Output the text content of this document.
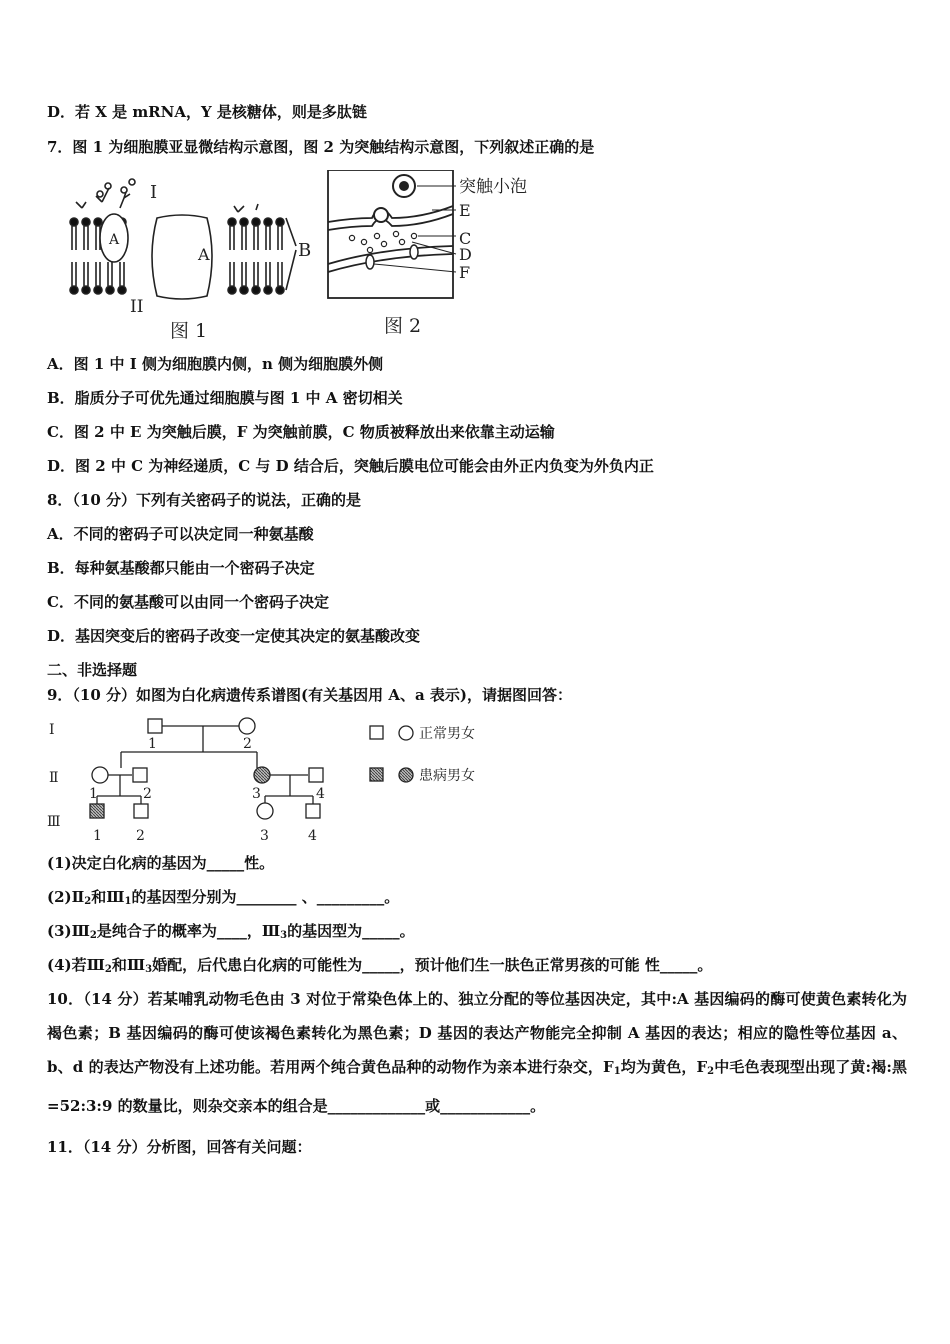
D．若 X 是 mRNA，Y 是核糖体，则是多肽链
7．图 1 为细胞膜亚显微结构示意图，图 2 为突触结构示意图，下列叙述正确的是
I
A
A	B
II
图 1
突触小泡
E
C
D
F
图 2
A．图 1 中 I 侧为细胞膜内侧，n 侧为细胞膜外侧
B．脂质分子可优先通过细胞膜与图 1 中 A 密切相关
C．图 2 中 E 为突触后膜，F 为突触前膜，C 物质被释放出来依靠主动运输
D．图 2 中 C 为神经递质，C 与 D 结合后，突触后膜电位可能会由外正内负变为外负内正
8．（10 分）下列有关密码子的说法，正确的是
A．不同的密码子可以决定同一种氨基酸
B．每种氨基酸都只能由一个密码子决定
C．不同的氨基酸可以由同一个密码子决定
D．基因突变后的密码子改变一定使其决定的氨基酸改变
二、非选择题
9．（10 分）如图为白化病遗传系谱图(有关基因用 A、a 表示)，请据图回答：
Ⅰ
Ⅱ
Ⅲ
1	2
1	2	3	4
1 2	3	4
正常男女
患病男女
(1)决定白化病的基因为_____性。
$(2)Ⅱ_2$和$Ⅲ_1$的基因型分别为________ 、_________。
$(3)Ⅲ_2$是纯合子的概率为____，$Ⅲ_3$的基因型为_____。
(4)若$Ⅲ_2$和$Ⅲ_3$婚配，后代患白化病的可能性为_____，预计他们生一肤色正常男孩的可能 性_____。
10．（14 分）若某哺乳动物毛色由 3 对位于常染色体上的、独立分配的等位基因决定，其中:A 基因编码的酶可使黄色素转化为褐色素；B 基因编码的酶可使该褐色素转化为黑色素；D 基因的表达产物能完全抑制 A 基因的表达；相应的隐性等位基因 a、b、d 的表达产物没有上述功能。若用两个纯合黄色品种的动物作为亲本进行杂交，$F_1$均为黄色，$F_2$中毛色表现型出现了黄:褐:黑=52:3:9 的数量比，则杂交亲本的组合是_____________或____________。
11．（14 分）分析图，回答有关问题：
